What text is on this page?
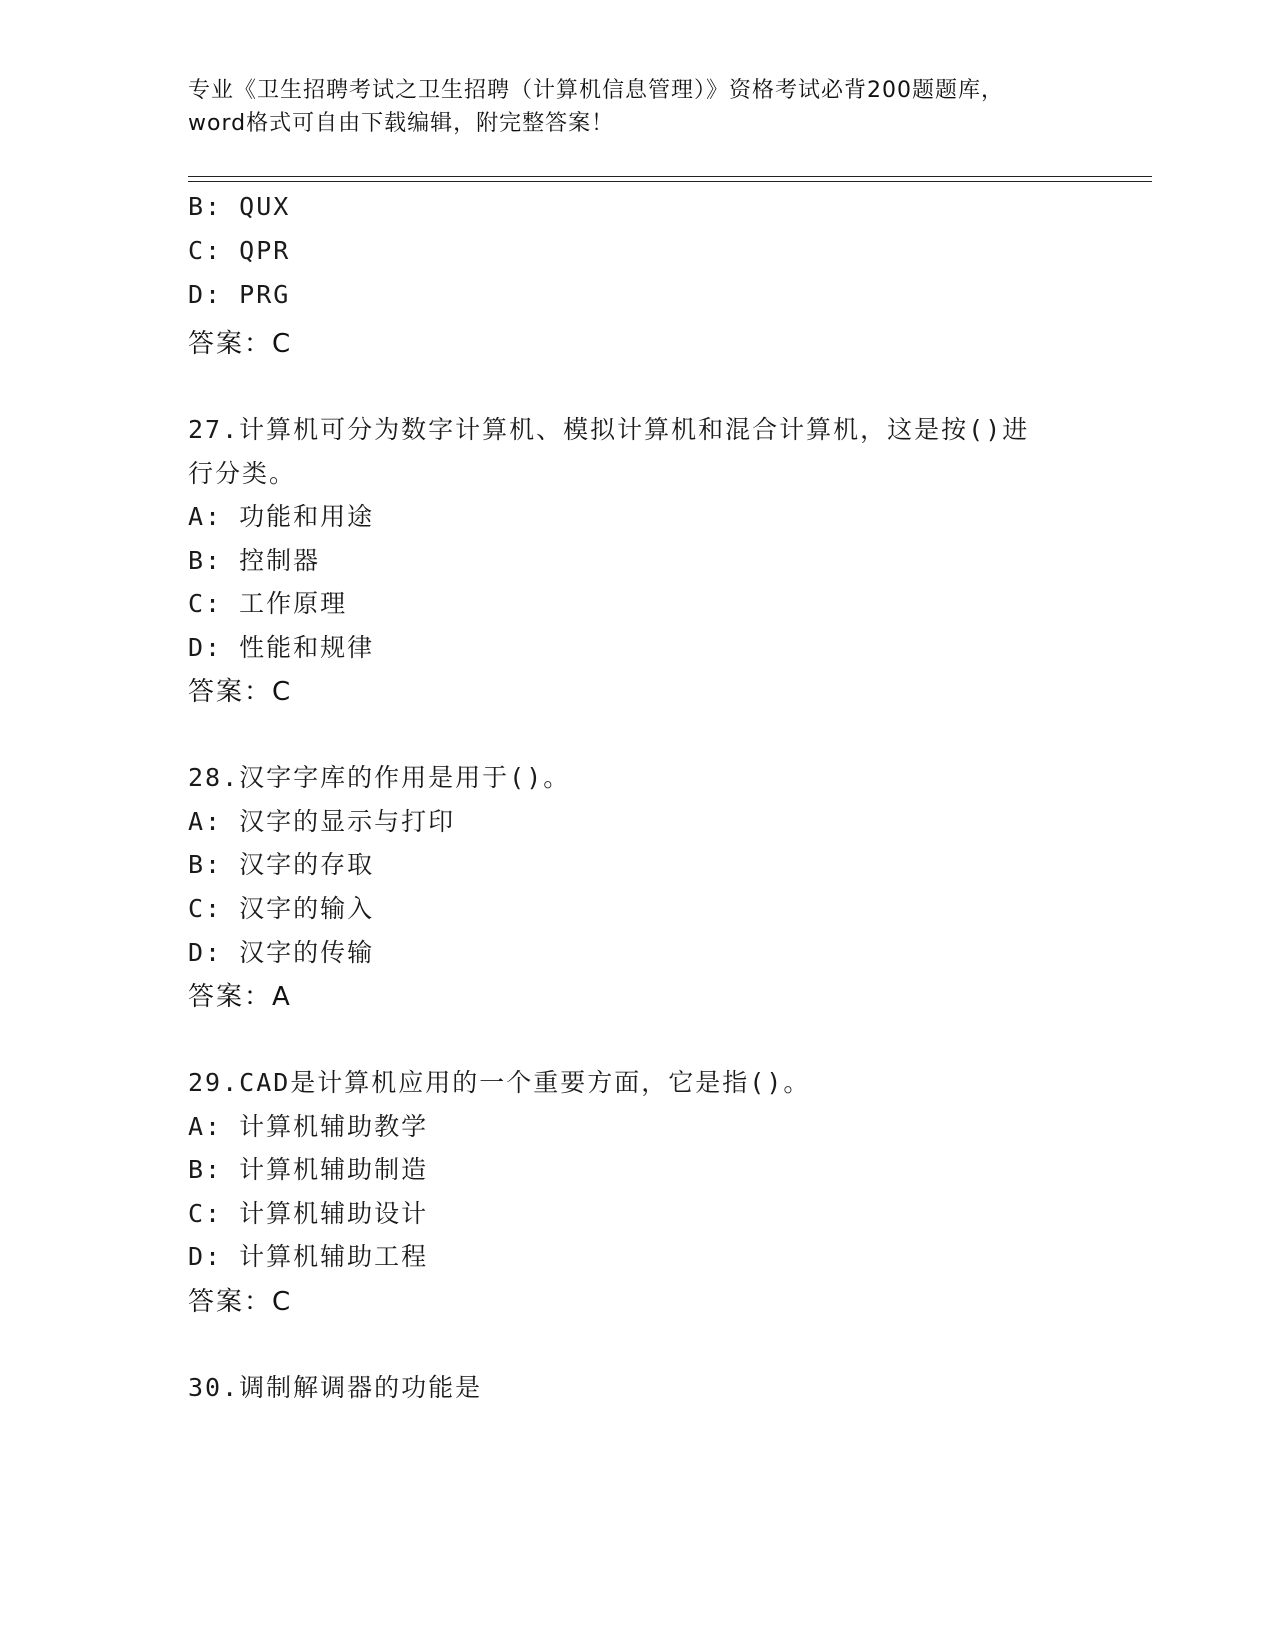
专业《卫生招聘考试之卫生招聘（计算机信息管理）》资格考试必背200题题库，
word格式可自由下载编辑，附完整答案！
B: QUX
C: QPR
D: PRG
答案：C
27.计算机可分为数字计算机、模拟计算机和混合计算机，这是按()进
行分类。
A: 功能和用途
B: 控制器
C: 工作原理
D: 性能和规律
答案：C
28.汉字字库的作用是用于()。
A: 汉字的显示与打印
B: 汉字的存取
C: 汉字的输入
D: 汉字的传输
答案：A
29.CAD是计算机应用的一个重要方面，它是指()。
A: 计算机辅助教学
B: 计算机辅助制造
C: 计算机辅助设计
D: 计算机辅助工程
答案：C
30.调制解调器的功能是
